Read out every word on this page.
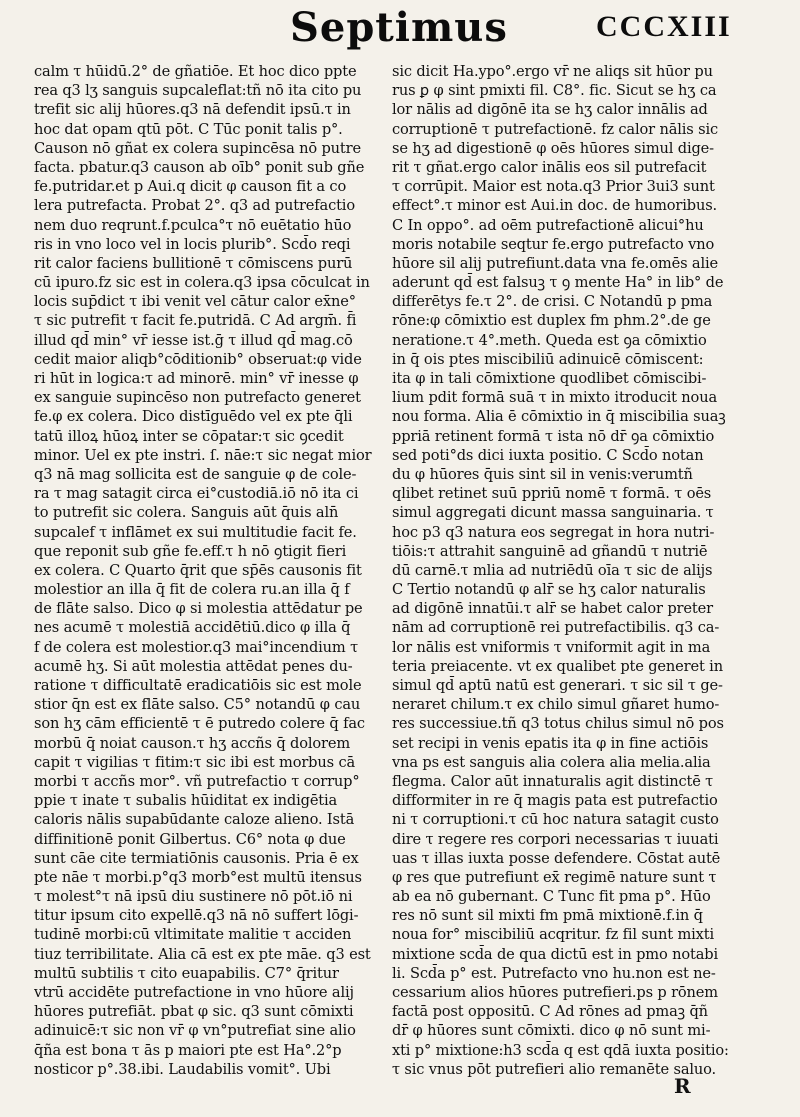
Septimus	CCCXIII
calm τ hūidū.2° de gñatiōe. Et hoc dico ppte
rea q3 lʒ sanguis supcaleflat:tñ nō ita cito pu
trefit sic alij hūores.q3 nā defendit ipsū.τ in
hoc dat opam qtū pōt. C Tūc ponit talis p°.
Causon nō gñat ex colera supincēsa nō putre
facta. pbatur.q3 causon ab oīb° ponit sub gñe
fe.putridar.et p Aui.q dicit φ causon fit a co
lera putrefacta. Probat 2°. q3 ad putrefactio
nem duo reqrunt.f.pculca°τ nō euētatio hūo
ris in vno loco vel in locis plurib°. Scd̄o reqi
rit calor faciens bullitionē τ cōmiscens purū
cū ipuro.fz sic est in colera.q3 ipsa cōculcat in
locis sup̄dict τ ibi venit vel cātur calor ex̄ne°
τ sic putrefit τ facit fe.putridā. C Ad argm̄. f̄i
illud qd̄ min° vr̄ iesse ist.ḡ τ illud qd̄ mag.cō
cedit maior aliqb°cōditionib° obseruat:φ vide
ri hūt in logica:τ ad minorē. min° vr̄ inesse φ
ex sanguie supincēso non putrefacto generet
fe.φ ex colera. Dico distīguēdo vel ex pte q̄li
tatū illoꝝ hūoꝝ inter se cōpatar:τ sic ꝯcedit
minor. Uel ex pte instri. ſ. nāe:τ sic negat mior
q3 nā mag sollicita est de sanguie φ de cole-
ra τ mag satagit circa ei°custodiā.iō nō ita ci
to putrefit sic colera. Sanguis aūt q̄uis aln̄
supcalef τ inflāmet ex sui multitudie facit fe.
que reponit sub gñe fe.eff.τ h nō ꝯtigit fieri
ex colera. C Quarto q̄rit que sp̄ēs causonis fit
molestior an illa q̄ fit de colera ru.an illa q̄ f
de flāte salso. Dico φ si molestia attēdatur pe
nes acumē τ molestiā accidētiū.dico φ illa q̄
f de colera est molestior.q3 mai°incendium τ
acumē hʒ. Si aūt molestia attēdat penes du-
ratione τ difficultatē eradicatiōis sic est mole
stior q̄n est ex flāte salso. C5° notandū φ cau
son hʒ cām efficientē τ ē putredo colere q̄ fac
morbū q̄ noiat causon.τ hʒ accñs q̄ dolorem
capit τ vigilias τ fitim:τ sic ibi est morbus cā
morbi τ accñs mor°. vñ putrefactio τ corrup°
ppie τ inate τ subalis hūiditat ex indigētia
caloris nālis supabūdante caloze alieno. Istā
diffinitionē ponit Gilbertus. C6° nota φ due
sunt cāe cite termiatiōnis causonis. Pria ē ex
pte nāe τ morbi.p°q3 morb°est multū itensus
τ molest°τ nā ipsū diu sustinere nō pōt.iō ni
titur ipsum cito expellē.q3 nā nō suffert lōgi-
tudinē morbi:cū vltimitate malitie τ acciden
tiuz terribilitate. Alia cā est ex pte māe. q3 est
multū subtilis τ cito euapabilis. C7° q̄ritur
vtrū accidēte putrefactione in vno hūore alij
hūores putrefiāt. pbat φ sic. q3 sunt cōmixti
adinuicē:τ sic non vr̄ φ vn°putrefiat sine alio
q̄ña est bona τ ās p maiori pte est Ha°.2°p
nosticor p°.38.ibi. Laudabilis vomit°. Ubi
sic dicit Ha.ypo°.ergo vr̄ ne aliqs sit hūor pu
rus ꝑ φ sint pmixti fil. C8°. fic. Sicut se hʒ ca
lor nālis ad digōnē ita se hʒ calor innālis ad
corruptionē τ putrefactionē. fz calor nālis sic
se hʒ ad digestionē φ oēs hūores simul dige-
rit τ gñat.ergo calor inālis eos sil putrefacit
τ corrūpit. Maior est nota.q3 Prior 3ui3 sunt
effect°.τ minor est Aui.in doc. de humoribus.
C In oppo°. ad oēm putrefactionē alicui°hu
moris notabile seqtur fe.ergo putrefacto vno
hūore sil alij putrefiunt.data vna fe.omēs alie
aderunt qd̄ est falsuꝫ τ ꝯ mente Ha° in lib° de
differētys fe.τ 2°. de crisi. C Notandū p pma
rōne:φ cōmixtio est duplex fm phm.2°.de ge
neratione.τ 4°.meth. Queda est ꝯa cōmixtio
in q̄ ois ptes miscibiliū adinuicē cōmiscent:
ita φ in tali cōmixtione quodlibet cōmiscibi-
lium pdit formā suā τ in mixto itroducit noua
nou forma. Alia ē cōmixtio in q̄ miscibilia suaꝫ
ppriā retinent formā τ ista nō dr̄ ꝯa cōmixtio
sed poti°ds dici iuxta positio. C Scd̄o notan
du φ hūores q̄uis sint sil in venis:verumtñ
qlibet retinet suū ppriū nomē τ formā. τ oēs
simul aggregati dicunt massa sanguinaria. τ
hoc p3 q3 natura eos segregat in hora nutri-
tiōis:τ attrahit sanguinē ad gñandū τ nutriē
dū carnē.τ mlia ad nutriēdū oīa τ sic de alijs
C Tertio notandū φ alr̄ se hʒ calor naturalis
ad digōnē innatūi.τ alr̄ se habet calor preter
nām ad corruptionē rei putrefactibilis. q3 ca-
lor nālis est vniformis τ vniformit agit in ma
teria preiacente. vt ex qualibet pte generet in
simul qd̄ aptū natū est generari. τ sic sil τ ge-
neraret chilum.τ ex chilo simul gñaret humo-
res successiue.tñ q3 totus chilus simul nō pos
set recipi in venis epatis ita φ in fine actiōis
vna ps est sanguis alia colera alia melia.alia
flegma. Calor aūt innaturalis agit distinctē τ
difformiter in re q̄ magis pata est putrefactio
ni τ corruptioni.τ cū hoc natura satagit custo
dire τ regere res corpori necessarias τ iuuati
uas τ illas iuxta posse defendere. Cōstat autē
φ res que putrefiunt ex̄ regimē nature sunt τ
ab ea nō gubernant. C Tunc fit pma p°. Hūo
res nō sunt sil mixti fm pmā mixtionē.f.in q̄
noua for° miscibiliū acqritur. fz fil sunt mixti
mixtione scd̄a de qua dictū est in pmo notabi
li. Scd̄a p° est. Putrefacto vno hu.non est ne-
cessarium alios hūores putrefieri.ps p rōnem
factā post oppositū. C Ad rōnes ad pmaꝫ q̄ñ
dr̄ φ hūores sunt cōmixti. dico φ nō sunt mi-
xti p° mixtione:h3 scd̄a q est qdā iuxta positio:
τ sic vnus pōt putrefieri alio remanēte saluo.
R
